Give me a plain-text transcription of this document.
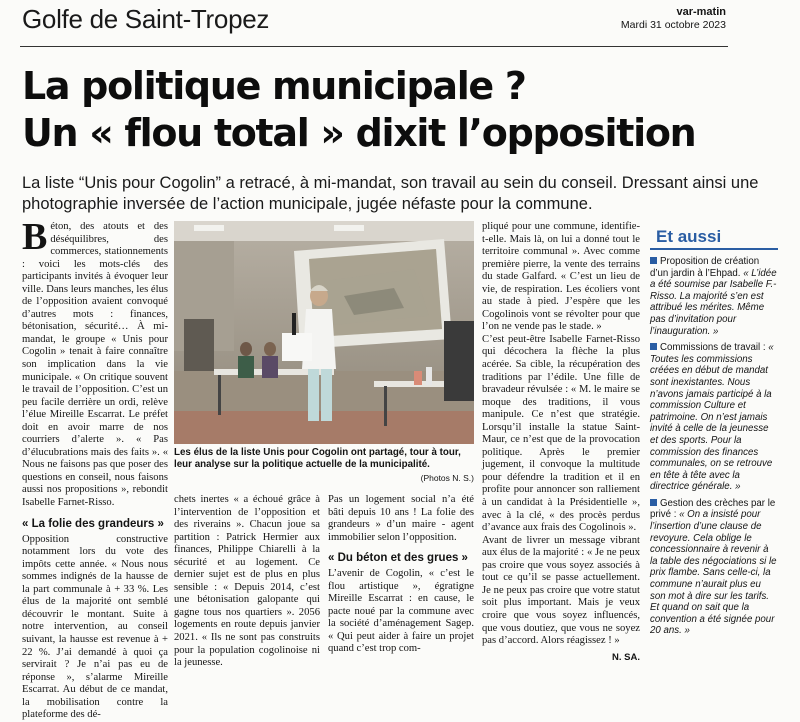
Golfe de Saint-Tropez	var-matin
Mardi 31 octobre 2023
La politique municipale ?
Un « flou total » dixit l’opposition
La liste “Unis pour Cogolin” a retracé, à mi-mandat, son travail au sein du conseil. Dressant ainsi une photographie inversée de l’action municipale, jugée néfaste pour la commune.
B éton, des atouts et des déséquilibres, des commerces, stationnements : voici les mots-clés des participants invités à évoquer leur ville. Dans leurs manches, les élus de l’opposition avaient convoqué d’autres mots : finances, bétonisation, sécurité… À mi-mandat, le groupe « Unis pour Cogolin » tenait à faire connaître son implication dans la vie municipale. « On critique souvent le travail de l’opposition. C’est un peu facile derrière un ordi, relève l’élue Mireille Escarrat. Le préfet doit en avoir marre de nos courriers d’alerte ». « Pas d’élucubrations mais des faits ». « Nous ne faisons pas que poser des questions en conseil, nous faisons aussi nos propositions », rebondit Isabelle Farnet-Risso.

« La folie des grandeurs »

Opposition constructive notamment lors du vote des impôts cette année. « Nous nous sommes indignés de la hausse de la part communale à + 33 %. Les élus de la majorité ont semblé découvrir le montant. Suite à notre intervention, au conseil suivant, la hausse est revenue à + 22 %. J’ai demandé à quoi ça servirait ? Je n’ai pas eu de réponse », s’alarme Mireille Escarrat. Au début de ce mandat, la mobilisation contre la plateforme des dé-

Les élus de la liste Unis pour Cogolin ont partagé, tour à tour, leur analyse sur la politique actuelle de la municipalité.
(Photos N. S.)

chets inertes « a échoué grâce à l’intervention de l’opposition et des riverains ». Chacun joue sa partition : Patrick Hermier aux finances, Philippe Chiarelli à la sécurité et au logement. Ce dernier sujet est de plus en plus sensible : « Depuis 2014, c’est une bétonisation galopante qui gagne tous nos quartiers ». 2056 logements en route depuis janvier 2021. « Ils ne sont pas construits pour la population cogolinoise ni la jeunesse.

Pas un logement social n’a été bâti depuis 10 ans ! La folie des grandeurs » d’un maire - agent immobilier selon l’opposition.

« Du béton et des grues »

L’avenir de Cogolin, « c’est le flou artistique », égratigne Mireille Escarrat : en cause, le pacte noué par la commune avec la société d’aménagement Sagep. « Qui peut aider à faire un projet quand c’est trop com-

pliqué pour une commune, identifie-t-elle. Mais là, on lui a donné tout le territoire communal ». Avec comme première pierre, la vente des terrains du stade Galfard. « C’est un lieu de vie, de respiration. Les écoliers vont au stade à pied. J’espère que les Cogolinois vont se révolter pour que l’on ne vende pas le stade. »

C’est peut-être Isabelle Farnet-Risso qui décochera la flèche la plus acérée. Sa cible, la récupération des traditions par l’édile. Une fille de bravadeur révulsée : « M. le maire se moque des traditions, il vous manipule. Ce n’est que stratégie. Lorsqu’il installe la statue Saint-Maur, ce n’est que de la provocation politique. Après le premier jugement, il convoque la multitude pour défendre la tradition et il en profite pour annoncer son ralliement à un candidat à la Présidentielle », avec à la clé, « des procès perdus d’avance aux frais des Cogolinois ».

Avant de livrer un message vibrant aux élus de la majorité : « Je ne peux pas croire que vous soyez associés à tout ce qu’il se passe actuellement. Je ne peux pas croire que votre statut soit plus important. Mais je veux croire que vous soyez influencés, que vous doutiez, que vous ne soyez pas d’accord. Alors réagissez ! »

N. SA.
Et aussi
Proposition de création d’un jardin à l’Ehpad. « L’idée a été soumise par Isabelle F.-Risso. La majorité s’en est attribué les mérites. Même pas d’invitation pour l’inauguration. »
Commissions de travail : « Toutes les commissions créées en début de mandat sont inexistantes. Nous n’avons jamais participé à la commission Culture et patrimoine. On n’est jamais invité à celle de la jeunesse et des sports. Pour la commission des finances communales, on se retrouve en tête à tête avec la directrice générale. »
Gestion des crèches par le privé : « On a insisté pour l’insertion d’une clause de revoyure. Cela oblige le concessionnaire à revenir à la table des négociations si le prix flambe. Sans celle-ci, la commune n’aurait plus eu son mot à dire sur les tarifs. Et quand on sait que la convention a été signée pour 20 ans. »
